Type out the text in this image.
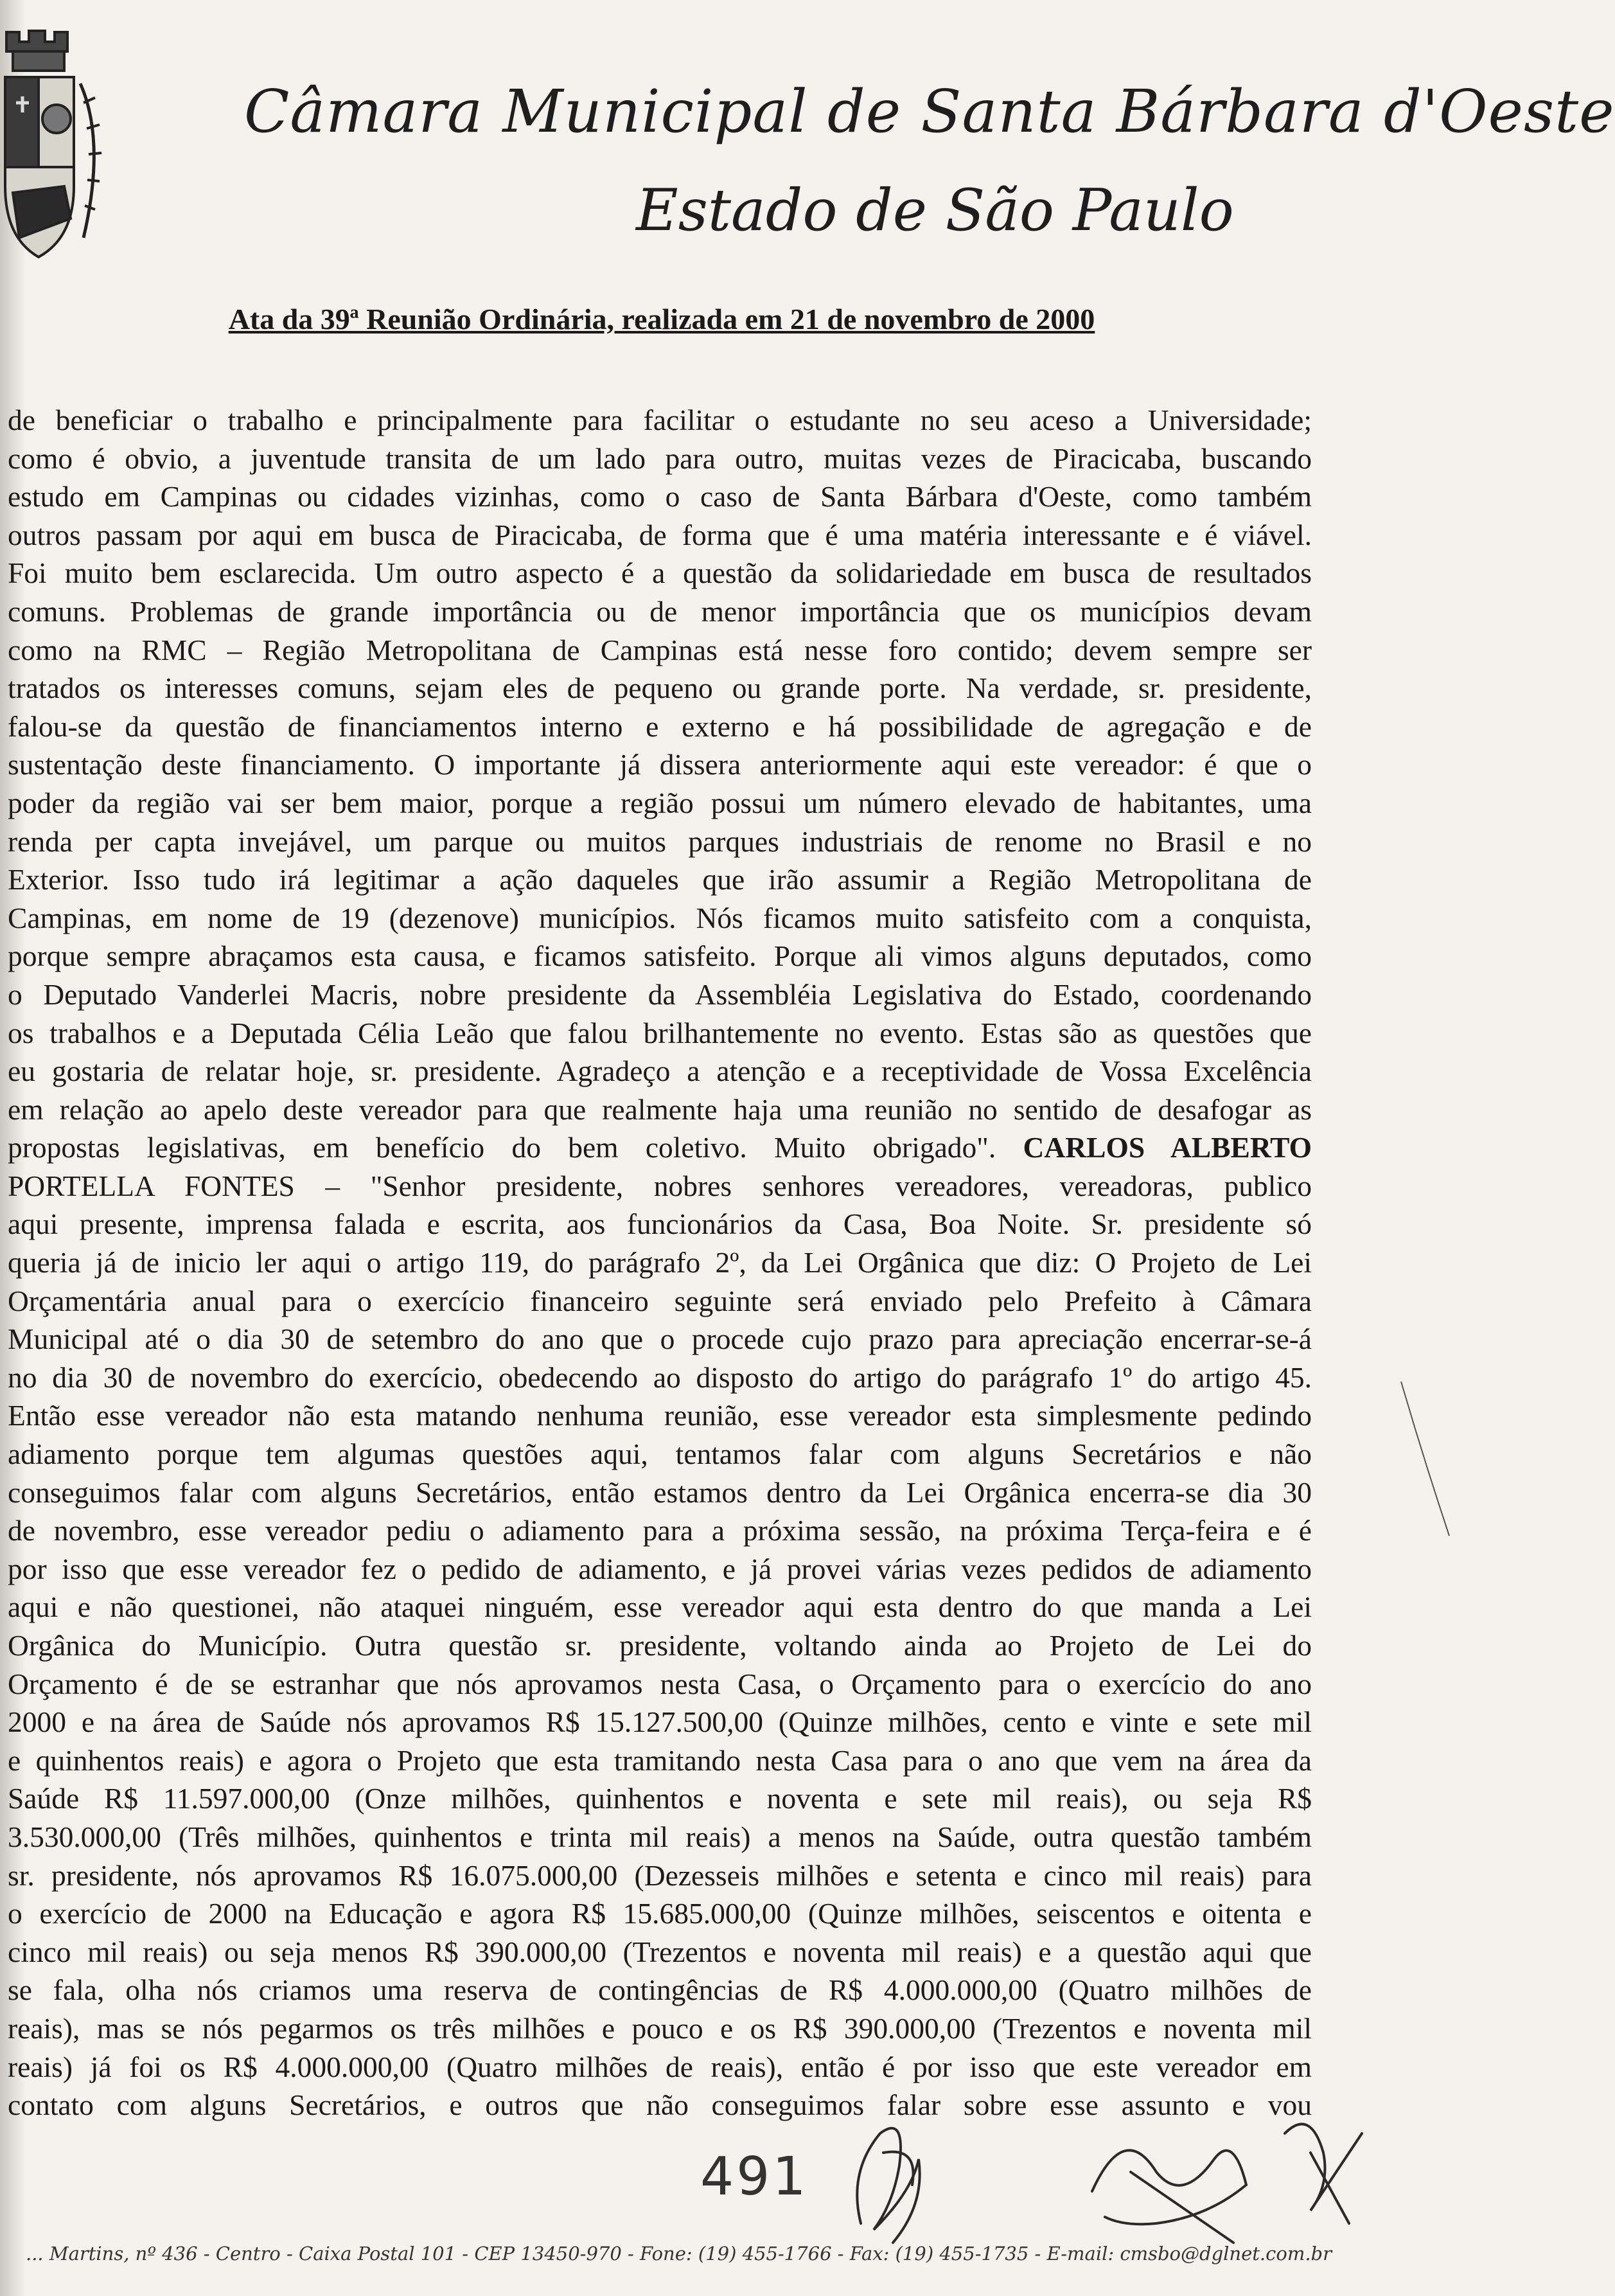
Câmara Municipal de Santa Bárbara d'Oeste
Estado de São Paulo
Ata da 39ª Reunião Ordinária, realizada em 21 de novembro de 2000
de beneficiar o trabalho e principalmente para facilitar o estudante no seu aceso a Universidade;
como é obvio, a juventude transita de um lado para outro, muitas vezes de Piracicaba, buscando
estudo em Campinas ou cidades vizinhas, como o caso de Santa Bárbara d'Oeste, como também
outros passam por aqui em busca de Piracicaba, de forma que é uma matéria interessante e é viável.
Foi muito bem esclarecida. Um outro aspecto é a questão da solidariedade em busca de resultados
comuns. Problemas de grande importância ou de menor importância que os municípios devam
como na RMC – Região Metropolitana de Campinas está nesse foro contido; devem sempre ser
tratados os interesses comuns, sejam eles de pequeno ou grande porte. Na verdade, sr. presidente,
falou-se da questão de financiamentos interno e externo e há possibilidade de agregação e de
sustentação deste financiamento. O importante já dissera anteriormente aqui este vereador: é que o
poder da região vai ser bem maior, porque a região possui um número elevado de habitantes, uma
renda per capta invejável, um parque ou muitos parques industriais de renome no Brasil e no
Exterior. Isso tudo irá legitimar a ação daqueles que irão assumir a Região Metropolitana de
Campinas, em nome de 19 (dezenove) municípios. Nós ficamos muito satisfeito com a conquista,
porque sempre abraçamos esta causa, e ficamos satisfeito. Porque ali vimos alguns deputados, como
o Deputado Vanderlei Macris, nobre presidente da Assembléia Legislativa do Estado, coordenando
os trabalhos e a Deputada Célia Leão que falou brilhantemente no evento. Estas são as questões que
eu gostaria de relatar hoje, sr. presidente. Agradeço a atenção e a receptividade de Vossa Excelência
em relação ao apelo deste vereador para que realmente haja uma reunião no sentido de desafogar as
propostas legislativas, em benefício do bem coletivo. Muito obrigado". CARLOS ALBERTO
PORTELLA FONTES – "Senhor presidente, nobres senhores vereadores, vereadoras, publico
aqui presente, imprensa falada e escrita, aos funcionários da Casa, Boa Noite. Sr. presidente só
queria já de inicio ler aqui o artigo 119, do parágrafo 2º, da Lei Orgânica que diz: O Projeto de Lei
Orçamentária anual para o exercício financeiro seguinte será enviado pelo Prefeito à Câmara
Municipal até o dia 30 de setembro do ano que o procede cujo prazo para apreciação encerrar-se-á
no dia 30 de novembro do exercício, obedecendo ao disposto do artigo do parágrafo 1º do artigo 45.
Então esse vereador não esta matando nenhuma reunião, esse vereador esta simplesmente pedindo
adiamento porque tem algumas questões aqui, tentamos falar com alguns Secretários e não
conseguimos falar com alguns Secretários, então estamos dentro da Lei Orgânica encerra-se dia 30
de novembro, esse vereador pediu o adiamento para a próxima sessão, na próxima Terça-feira e é
por isso que esse vereador fez o pedido de adiamento, e já provei várias vezes pedidos de adiamento
aqui e não questionei, não ataquei ninguém, esse vereador aqui esta dentro do que manda a Lei
Orgânica do Município. Outra questão sr. presidente, voltando ainda ao Projeto de Lei do
Orçamento é de se estranhar que nós aprovamos nesta Casa, o Orçamento para o exercício do ano
2000 e na área de Saúde nós aprovamos R$ 15.127.500,00 (Quinze milhões, cento e vinte e sete mil
e quinhentos reais) e agora o Projeto que esta tramitando nesta Casa para o ano que vem na área da
Saúde R$ 11.597.000,00 (Onze milhões, quinhentos e noventa e sete mil reais), ou seja R$
3.530.000,00 (Três milhões, quinhentos e trinta mil reais) a menos na Saúde, outra questão também
sr. presidente, nós aprovamos R$ 16.075.000,00 (Dezesseis milhões e setenta e cinco mil reais) para
o exercício de 2000 na Educação e agora R$ 15.685.000,00 (Quinze milhões, seiscentos e oitenta e
cinco mil reais) ou seja menos R$ 390.000,00 (Trezentos e noventa mil reais) e a questão aqui que
se fala, olha nós criamos uma reserva de contingências de R$ 4.000.000,00 (Quatro milhões de
reais), mas se nós pegarmos os três milhões e pouco e os R$ 390.000,00 (Trezentos e noventa mil
reais) já foi os R$ 4.000.000,00 (Quatro milhões de reais), então é por isso que este vereador em
contato com alguns Secretários, e outros que não conseguimos falar sobre esse assunto e vou
491
... Martins, nº 436 - Centro - Caixa Postal 101 - CEP 13450-970 - Fone: (19) 455-1766 - Fax: (19) 455-1735 - E-mail: cmsbo@dglnet.com.br
